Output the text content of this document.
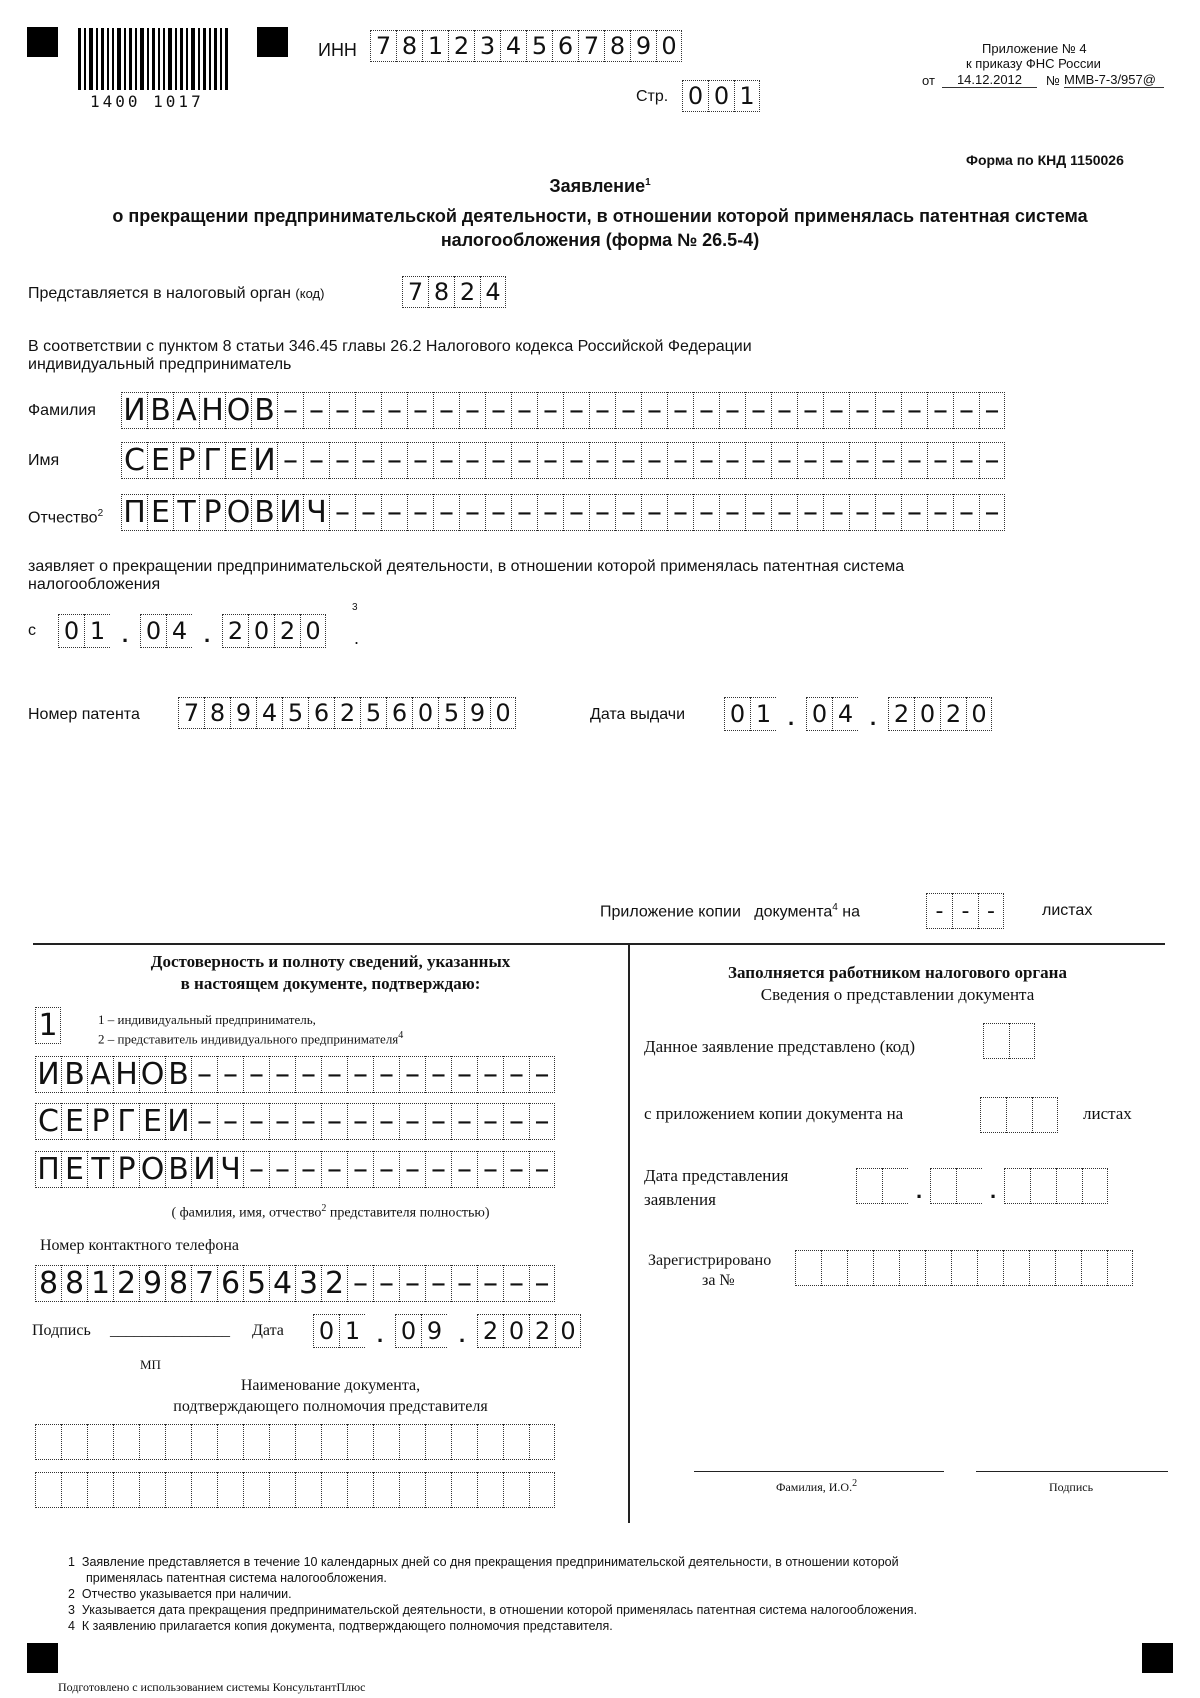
1400 1017
ИНН 7 8 1 2 3 4 5 6 7 8 9 0
Стр. 0 0 1
Приложение № 4
к приказу ФНС России
от	14.12.2012	№ ММВ-7-3/957@
Форма по КНД 1150026
Заявление$^1$
о прекращении предпринимательской деятельности, в отношении которой применялась патентная система
налогообложения (форма № 26.5-4)
Представляется в налоговый орган (код)	7 8 2 4
В соответствии с пунктом 8 статьи 346.45 главы 26.2 Налогового кодекса Российской Федерации
индивидуальный предприниматель
Фамилия И В А Н О В – – – – – – – – – – – – – – – – – – – – – – – – – – – –
Имя С Е Р Г Е И – – – – – – – – – – – – – – – – – – – – – – – – – – – –
Отчество$^2$ П Е Т Р О В И Ч – – – – – – – – – – – – – – – – – – – – – – – – – –
заявляет о прекращении предпринимательской деятельности, в отношении которой применялась патентная система
налогообложения
с 0 1 . 0 4 . 2 0 2 0
3
.
Номер патента 7 8 9 4 5 6 2 5 6 0 5 9 0	Дата выдачи 0 1 . 0 4 . 2 0 2 0
Приложение копии документа$^4$ на	- - -	листах
Достоверность и полноту сведений, указанных
в настоящем документе, подтверждаю:
1	1 – индивидуальный предприниматель,
2 – представитель индивидуального предпринимателя$^4$
И В А Н О В – – – – – – – – – – – – – –
С Е Р Г Е И – – – – – – – – – – – – – –
П Е Т Р О В И Ч – – – – – – – – – – – –
( фамилия, имя, отчество$^2$ представителя полностью)
Номер контактного телефона
8 8 1 2 9 8 7 6 5 4 3 2 – – – – – – – –
Подпись _______________ Дата 0 1 . 0 9 . 2 0 2 0
МП
Наименование документа,
подтверждающего полномочия представителя
Заполняется работником налогового органа
Сведения о представлении документа
Данное заявление представлено (код)
с приложением копии документа на	листах
Дата представления
заявления	.	.
Зарегистрировано
за №
Фамилия, И.О.$^2$	Подпись
1 Заявление представляется в течение 10 календарных дней со дня прекращения предпринимательской деятельности, в отношении которой
применялась патентная система налогообложения.
2 Отчество указывается при наличии.
3 Указывается дата прекращения предпринимательской деятельности, в отношении которой применялась патентная система налогообложения.
4 К заявлению прилагается копия документа, подтверждающего полномочия представителя.
Подготовлено с использованием системы КонсультантПлюс
